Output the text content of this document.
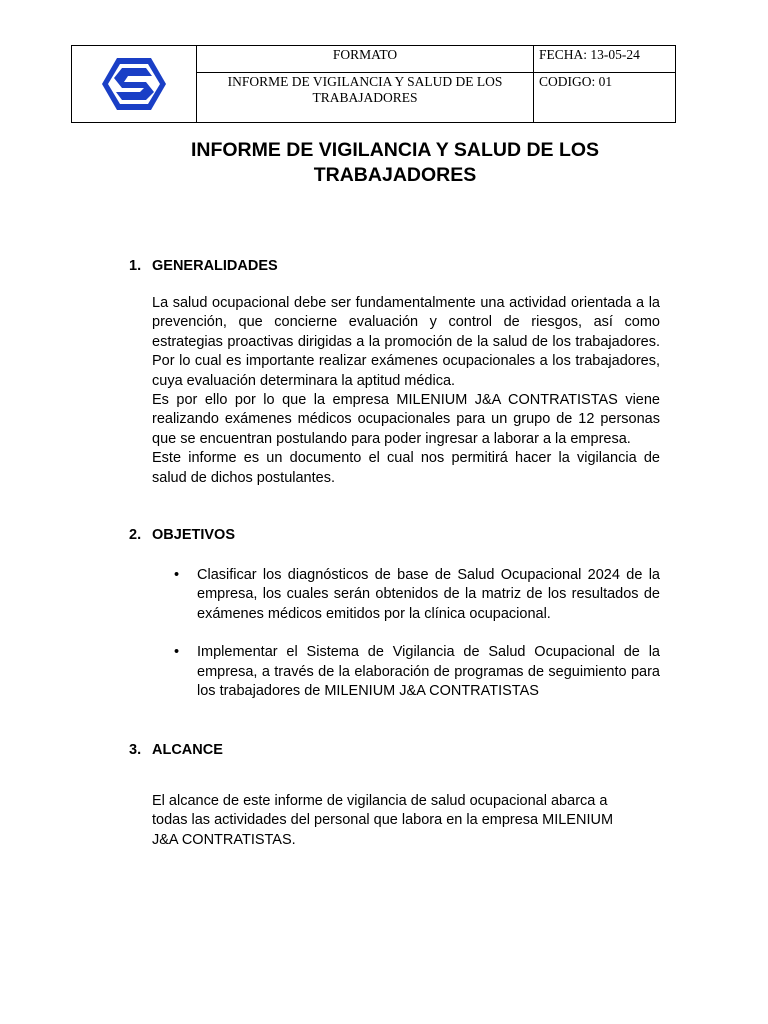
	FORMATO	FECHA: 13-05-24
	INFORME DE VIGILANCIA Y SALUD DE LOS TRABAJADORES	CODIGO: 01
INFORME DE VIGILANCIA Y SALUD DE LOS TRABAJADORES
1. GENERALIDADES

La salud ocupacional debe ser fundamentalmente una actividad orientada a la prevención, que concierne evaluación y control de riesgos, así como estrategias proactivas dirigidas a la promoción de la salud de los trabajadores. Por lo cual es importante realizar exámenes ocupacionales a los trabajadores, cuya evaluación determinara la aptitud médica.

Es por ello por lo que la empresa MILENIUM J&A CONTRATISTAS viene realizando exámenes médicos ocupacionales para un grupo de 12 personas que se encuentran postulando para poder ingresar a laborar a la empresa.

Este informe es un documento el cual nos permitirá hacer la vigilancia de salud de dichos postulantes.

2. OBJETIVOS
• Clasificar los diagnósticos de base de Salud Ocupacional 2024 de la empresa, los cuales serán obtenidos de la matriz de los resultados de exámenes médicos emitidos por la clínica ocupacional.
• Implementar el Sistema de Vigilancia de Salud Ocupacional de la empresa, a través de la elaboración de programas de seguimiento para los trabajadores de MILENIUM J&A CONTRATISTAS
3. ALCANCE
El alcance de este informe de vigilancia de salud ocupacional abarca a
todas las actividades del personal que labora en la empresa MILENIUM
J&A CONTRATISTAS.
